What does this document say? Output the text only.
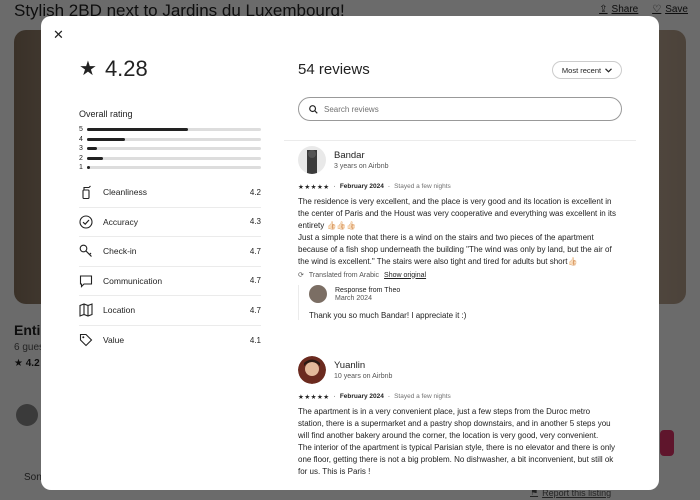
✕
★ 4.28
Overall rating
5
4
3
2
1
Cleanliness	4.2
Accuracy	4.3
Check-in	4.7
Communication	4.7
Location	4.7
Value	4.1
54 reviews	Most recent
Search reviews
Bandar
3 years on Airbnb
★★★★★ · February 2024 · Stayed a few nights
The residence is very excellent, and the place is very good and its location is excellent in the center of Paris and the Houst was very cooperative and everything was excellent in its entirety 👍🏻👍🏻👍🏻
Just a simple note that there is a wind on the stairs and two pieces of the apartment because of a fish shop underneath the building "The wind was only by land, but the air of the wind is excellent." The stairs were also tight and tired for adults but short👍🏻
⟳ Translated from Arabic Show original
Response from Theo
March 2024
Thank you so much Bandar! I appreciate it :)
Yuanlin
10 years on Airbnb
★★★★★ · February 2024 · Stayed a few nights
The apartment is in a very convenient place, just a few steps from the Duroc metro station, there is a supermarket and a pastry shop downstairs, and in another 5 steps you will find another bakery around the corner, the location is very good, very convenient.
The interior of the apartment is typical Parisian style, there is no elevator and there is only one floor, getting there is not a big problem. No dishwasher, a bit inconvenient, but still ok for us. This is Paris !
